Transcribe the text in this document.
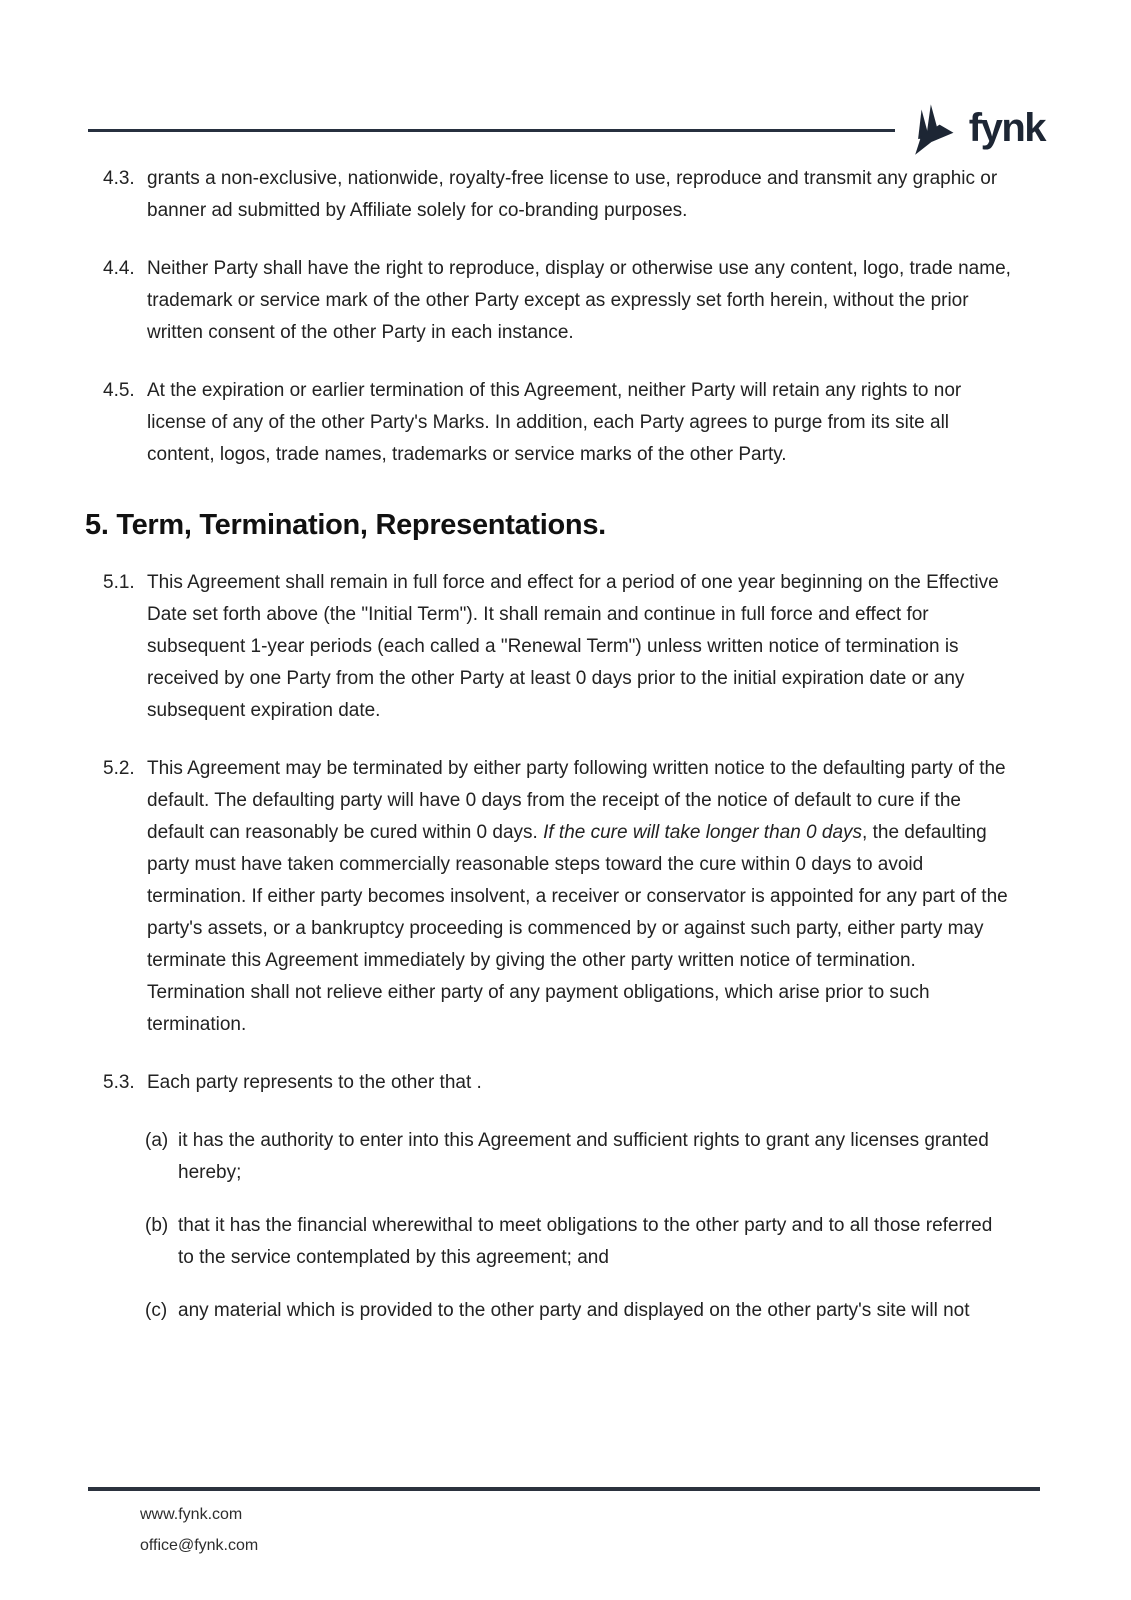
fynk
4.3. grants a non-exclusive, nationwide, royalty-free license to use, reproduce and transmit any graphic or banner ad submitted by Affiliate solely for co-branding purposes.
4.4. Neither Party shall have the right to reproduce, display or otherwise use any content, logo, trade name, trademark or service mark of the other Party except as expressly set forth herein, without the prior written consent of the other Party in each instance.
4.5. At the expiration or earlier termination of this Agreement, neither Party will retain any rights to nor license of any of the other Party's Marks. In addition, each Party agrees to purge from its site all content, logos, trade names, trademarks or service marks of the other Party.
5. Term, Termination, Representations.
5.1. This Agreement shall remain in full force and effect for a period of one year beginning on the Effective Date set forth above (the "Initial Term"). It shall remain and continue in full force and effect for subsequent 1-year periods (each called a "Renewal Term") unless written notice of termination is received by one Party from the other Party at least 0 days prior to the initial expiration date or any subsequent expiration date.
5.2. This Agreement may be terminated by either party following written notice to the defaulting party of the default. The defaulting party will have 0 days from the receipt of the notice of default to cure if the default can reasonably be cured within 0 days. If the cure will take longer than 0 days, the defaulting party must have taken commercially reasonable steps toward the cure within 0 days to avoid termination. If either party becomes insolvent, a receiver or conservator is appointed for any part of the party's assets, or a bankruptcy proceeding is commenced by or against such party, either party may terminate this Agreement immediately by giving the other party written notice of termination. Termination shall not relieve either party of any payment obligations, which arise prior to such termination.
5.3. Each party represents to the other that .
(a) it has the authority to enter into this Agreement and sufficient rights to grant any licenses granted hereby;
(b) that it has the financial wherewithal to meet obligations to the other party and to all those referred to the service contemplated by this agreement; and
(c) any material which is provided to the other party and displayed on the other party's site will not
www.fynk.com
office@fynk.com
